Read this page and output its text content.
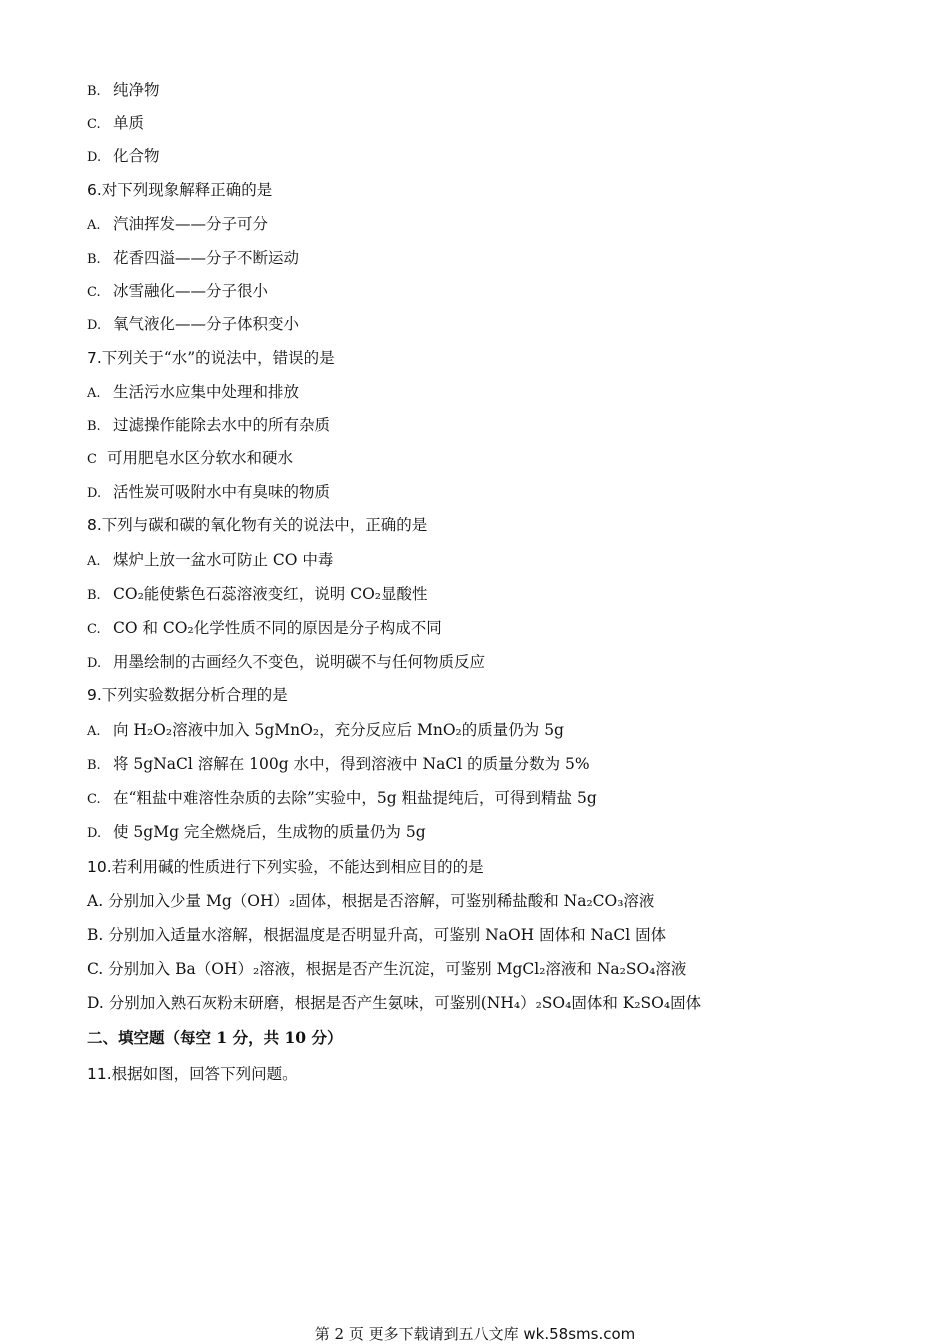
B. 纯净物
C. 单质
D. 化合物
6.对下列现象解释正确的是
A. 汽油挥发——分子可分
B. 花香四溢——分子不断运动
C. 冰雪融化——分子很小
D. 氧气液化——分子体积变小
7.下列关于“水”的说法中，错误的是
A. 生活污水应集中处理和排放
B. 过滤操作能除去水中的所有杂质
C 可用肥皂水区分软水和硬水
D. 活性炭可吸附水中有臭味的物质
8.下列与碳和碳的氧化物有关的说法中，正确的是
A. 煤炉上放一盆水可防止 CO 中毒
B. CO₂能使紫色石蕊溶液变红，说明 CO₂显酸性
C. CO 和 CO₂化学性质不同的原因是分子构成不同
D. 用墨绘制的古画经久不变色，说明碳不与任何物质反应
9.下列实验数据分析合理的是
A. 向 H₂O₂溶液中加入 5gMnO₂，充分反应后 MnO₂的质量仍为 5g
B. 将 5gNaCl 溶解在 100g 水中，得到溶液中 NaCl 的质量分数为 5%
C. 在“粗盐中难溶性杂质的去除”实验中，5g 粗盐提纯后，可得到精盐 5g
D. 使 5gMg 完全燃烧后，生成物的质量仍为 5g
10.若利用碱的性质进行下列实验，不能达到相应目的的是
A. 分别加入少量 Mg（OH）₂固体，根据是否溶解，可鉴别稀盐酸和 Na₂CO₃溶液
B. 分别加入适量水溶解，根据温度是否明显升高，可鉴别 NaOH 固体和 NaCl 固体
C. 分别加入 Ba（OH）₂溶液，根据是否产生沉淀，可鉴别 MgCl₂溶液和 Na₂SO₄溶液
D. 分别加入熟石灰粉末研磨，根据是否产生氨味，可鉴别(NH₄）₂SO₄固体和 K₂SO₄固体
二、填空题（每空 1 分，共 10 分）
11.根据如图，回答下列问题。
第 2 页 更多下载请到五八文库 wk.58sms.com
